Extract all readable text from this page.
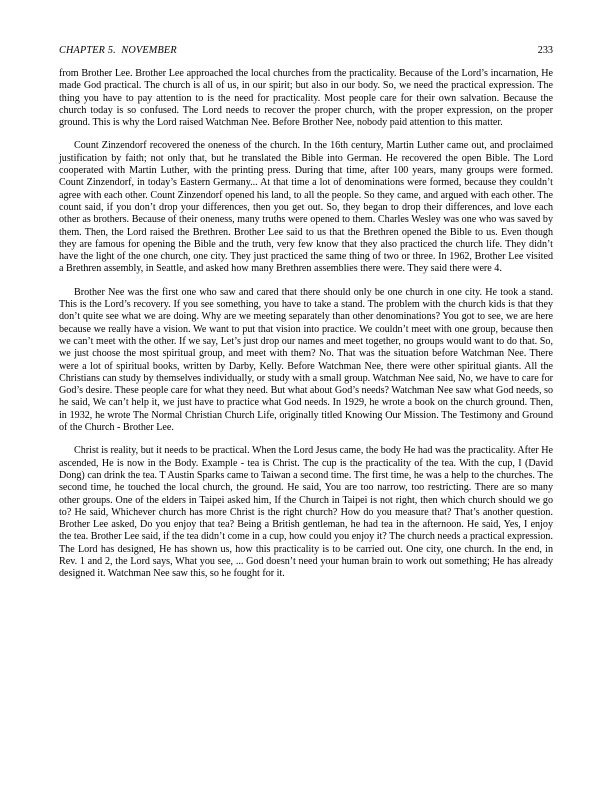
CHAPTER 5.  NOVEMBER	233

from Brother Lee. Brother Lee approached the local churches from the practicality. Because of the Lord’s incarnation, He made God practical. The church is all of us, in our spirit; but also in our body. So, we need the practical expression. The thing you have to pay attention to is the need for practicality. Most people care for their own salvation. Because the church today is so confused. The Lord needs to recover the proper church, with the proper expression, on the proper ground. This is why the Lord raised Watchman Nee. Before Brother Nee, nobody paid attention to this matter.

Count Zinzendorf recovered the oneness of the church. In the 16th century, Martin Luther came out, and proclaimed justification by faith; not only that, but he translated the Bible into German. He recovered the open Bible. The Lord cooperated with Martin Luther, with the printing press. During that time, after 100 years, many groups were formed. Count Zinzendorf, in today’s Eastern Germany... At that time a lot of denominations were formed, because they couldn’t agree with each other. Count Zinzendorf opened his land, to all the people. So they came, and argued with each other. The count said, if you don’t drop your differences, then you get out. So, they began to drop their differences, and love each other as brothers. Because of their oneness, many truths were opened to them. Charles Wesley was one who was saved by them. Then, the Lord raised the Brethren. Brother Lee said to us that the Brethren opened the Bible to us. Even though they are famous for opening the Bible and the truth, very few know that they also practiced the church life. They didn’t have the light of the one church, one city. They just practiced the same thing of two or three. In 1962, Brother Lee visited a Brethren assembly, in Seattle, and asked how many Brethren assemblies there were. They said there were 4.

Brother Nee was the first one who saw and cared that there should only be one church in one city. He took a stand. This is the Lord’s recovery. If you see something, you have to take a stand. The problem with the church kids is that they don’t quite see what we are doing. Why are we meeting separately than other denominations? You got to see, we are here because we really have a vision. We want to put that vision into practice. We couldn’t meet with one group, because then we can’t meet with the other. If we say, Let’s just drop our names and meet together, no groups would want to do that. So, we just choose the most spiritual group, and meet with them? No. That was the situation before Watchman Nee. There were a lot of spiritual books, written by Darby, Kelly. Before Watchman Nee, there were other spiritual giants. All the Christians can study by themselves individually, or study with a small group. Watchman Nee said, No, we have to care for God’s desire. These people care for what they need. But what about God’s needs? Watchman Nee saw what God needs, so he said, We can’t help it, we just have to practice what God needs. In 1929, he wrote a book on the church ground. Then, in 1932, he wrote The Normal Christian Church Life, originally titled Knowing Our Mission. The Testimony and Ground of the Church - Brother Lee.

Christ is reality, but it needs to be practical. When the Lord Jesus came, the body He had was the practicality. After He ascended, He is now in the Body. Example - tea is Christ. The cup is the practicality of the tea. With the cup, I (David Dong) can drink the tea. T Austin Sparks came to Taiwan a second time. The first time, he was a help to the churches. The second time, he touched the local church, the ground. He said, You are too narrow, too restricting. There are so many other groups. One of the elders in Taipei asked him, If the Church in Taipei is not right, then which church should we go to? He said, Whichever church has more Christ is the right church? How do you measure that? That’s another question. Brother Lee asked, Do you enjoy that tea? Being a British gentleman, he had tea in the afternoon. He said, Yes, I enjoy the tea. Brother Lee said, if the tea didn’t come in a cup, how could you enjoy it? The church needs a practical expression. The Lord has designed, He has shown us, how this practicality is to be carried out. One city, one church. In the end, in Rev. 1 and 2, the Lord says, What you see, ... God doesn’t need your human brain to work out something; He has already designed it. Watchman Nee saw this, so he fought for it.
